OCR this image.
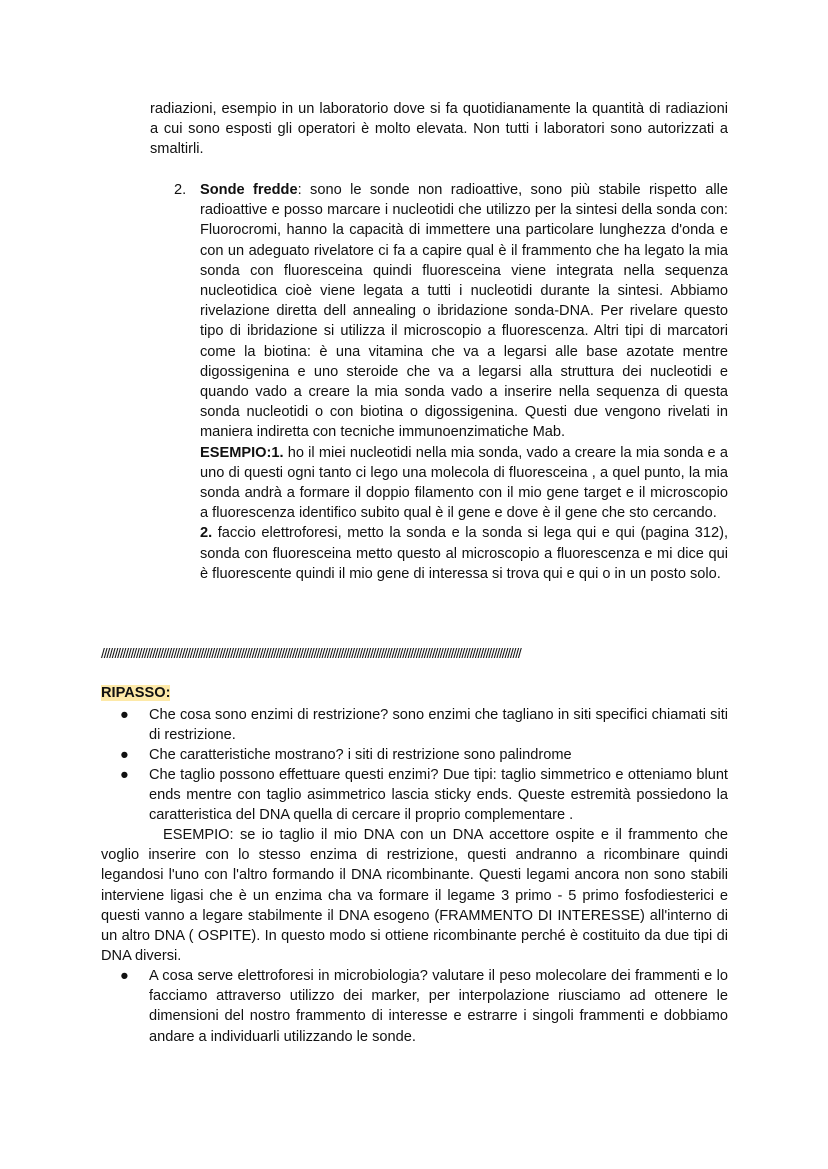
radiazioni, esempio in un laboratorio dove si fa quotidianamente la quantità di radiazioni a cui sono esposti gli operatori è molto elevata. Non tutti i laboratori sono autorizzati a smaltirli.

2. Sonde fredde: sono le sonde non radioattive, sono più stabile rispetto alle radioattive e posso marcare i nucleotidi che utilizzo per la sintesi della sonda con: Fluorocromi, hanno la capacità di immettere una particolare lunghezza d'onda e con un adeguato rivelatore ci fa a capire qual è il frammento che ha legato la mia sonda con fluoresceina quindi fluoresceina viene integrata nella sequenza nucleotidica cioè viene legata a tutti i nucleotidi durante la sintesi. Abbiamo rivelazione diretta dell annealing o ibridazione sonda-DNA. Per rivelare questo tipo di ibridazione si utilizza il microscopio a fluorescenza. Altri tipi di marcatori come la biotina: è una vitamina che va a legarsi alle base azotate mentre digossigenina e uno steroide che va a legarsi alla struttura dei nucleotidi e quando vado a creare la mia sonda vado a inserire nella sequenza di questa sonda nucleotidi o con biotina o digossigenina. Questi due vengono rivelati in maniera indiretta con tecniche immunoenzimatiche Mab.

ESEMPIO:1. ho il miei nucleotidi nella mia sonda, vado a creare la mia sonda e a uno di questi ogni tanto ci lego una molecola di fluoresceina , a quel punto, la mia sonda andrà a formare il doppio filamento con il mio gene target e il microscopio a fluorescenza identifico subito qual è il gene e dove è il gene che sto cercando.

2. faccio elettroforesi, metto la sonda e la sonda si lega qui e qui (pagina 312), sonda con fluoresceina metto questo al microscopio a fluorescenza e mi dice qui è fluorescente quindi il mio gene di interessa si trova qui e qui o in un posto solo.

////////////////////////////////////////////////////////////////////////////////////////////////////////////////////////////////////////////////////////////
RIPASSO:
● Che cosa sono enzimi di restrizione? sono enzimi che tagliano in siti specifici chiamati siti di restrizione.
● Che caratteristiche mostrano? i siti di restrizione sono palindrome
● Che taglio possono effettuare questi enzimi? Due tipi: taglio simmetrico e otteniamo blunt ends mentre con taglio asimmetrico lascia sticky ends. Queste estremità possiedono la caratteristica del DNA quella di cercare il proprio complementare .

ESEMPIO: se io taglio il mio DNA con un DNA accettore ospite e il frammento che voglio inserire con lo stesso enzima di restrizione, questi andranno a ricombinare quindi legandosi l'uno con l'altro formando il DNA ricombinante. Questi legami ancora non sono stabili interviene ligasi che è un enzima cha va formare il legame 3 primo - 5 primo fosfodiesterici e questi vanno a legare stabilmente il DNA esogeno (FRAMMENTO DI INTERESSE) all'interno di un altro DNA ( OSPITE). In questo modo si ottiene ricombinante perché è costituito da due tipi di DNA diversi.

● A cosa serve elettroforesi in microbiologia? valutare il peso molecolare dei frammenti e lo facciamo attraverso utilizzo dei marker, per interpolazione riusciamo ad ottenere le dimensioni del nostro frammento di interesse e estrarre i singoli frammenti e dobbiamo andare a individuarli utilizzando le sonde.
